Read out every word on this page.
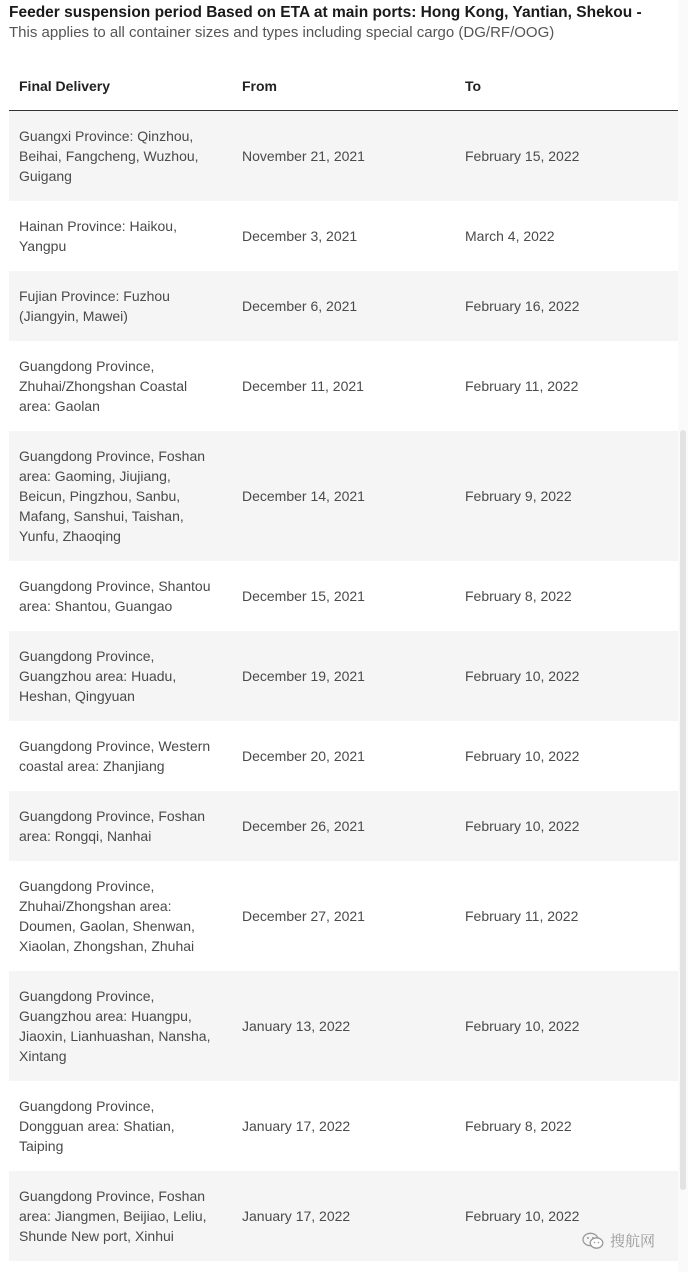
Feeder suspension period Based on ETA at main ports: Hong Kong, Yantian, Shekou -
This applies to all container sizes and types including special cargo (DG/RF/OOG)
Final Delivery	From	To
Guangxi Province: Qinzhou,
Beihai, Fangcheng, Wuzhou,
Guigang
November 21, 2021	February 15, 2022
Hainan Province: Haikou,
Yangpu
December 3, 2021	March 4, 2022
Fujian Province: Fuzhou
(Jiangyin, Mawei)
December 6, 2021	February 16, 2022
Guangdong Province,
Zhuhai/Zhongshan Coastal
area: Gaolan
December 11, 2021	February 11, 2022
Guangdong Province, Foshan
area: Gaoming, Jiujiang,
Beicun, Pingzhou, Sanbu,
Mafang, Sanshui, Taishan,
Yunfu, Zhaoqing
December 14, 2021	February 9, 2022
Guangdong Province, Shantou
area: Shantou, Guangao
December 15, 2021	February 8, 2022
Guangdong Province,
Guangzhou area: Huadu,
Heshan, Qingyuan
December 19, 2021	February 10, 2022
Guangdong Province, Western
coastal area: Zhanjiang
December 20, 2021	February 10, 2022
Guangdong Province, Foshan
area: Rongqi, Nanhai
December 26, 2021	February 10, 2022
Guangdong Province,
Zhuhai/Zhongshan area:
Doumen, Gaolan, Shenwan,
Xiaolan, Zhongshan, Zhuhai
December 27, 2021	February 11, 2022
Guangdong Province,
Guangzhou area: Huangpu,
Jiaoxin, Lianhuashan, Nansha,
Xintang
January 13, 2022	February 10, 2022
Guangdong Province,
Dongguan area: Shatian,
Taiping
January 17, 2022	February 8, 2022
Guangdong Province, Foshan
area: Jiangmen, Beijiao, Leliu,
Shunde New port, Xinhui
January 17, 2022	February 10, 2022
搜航网
